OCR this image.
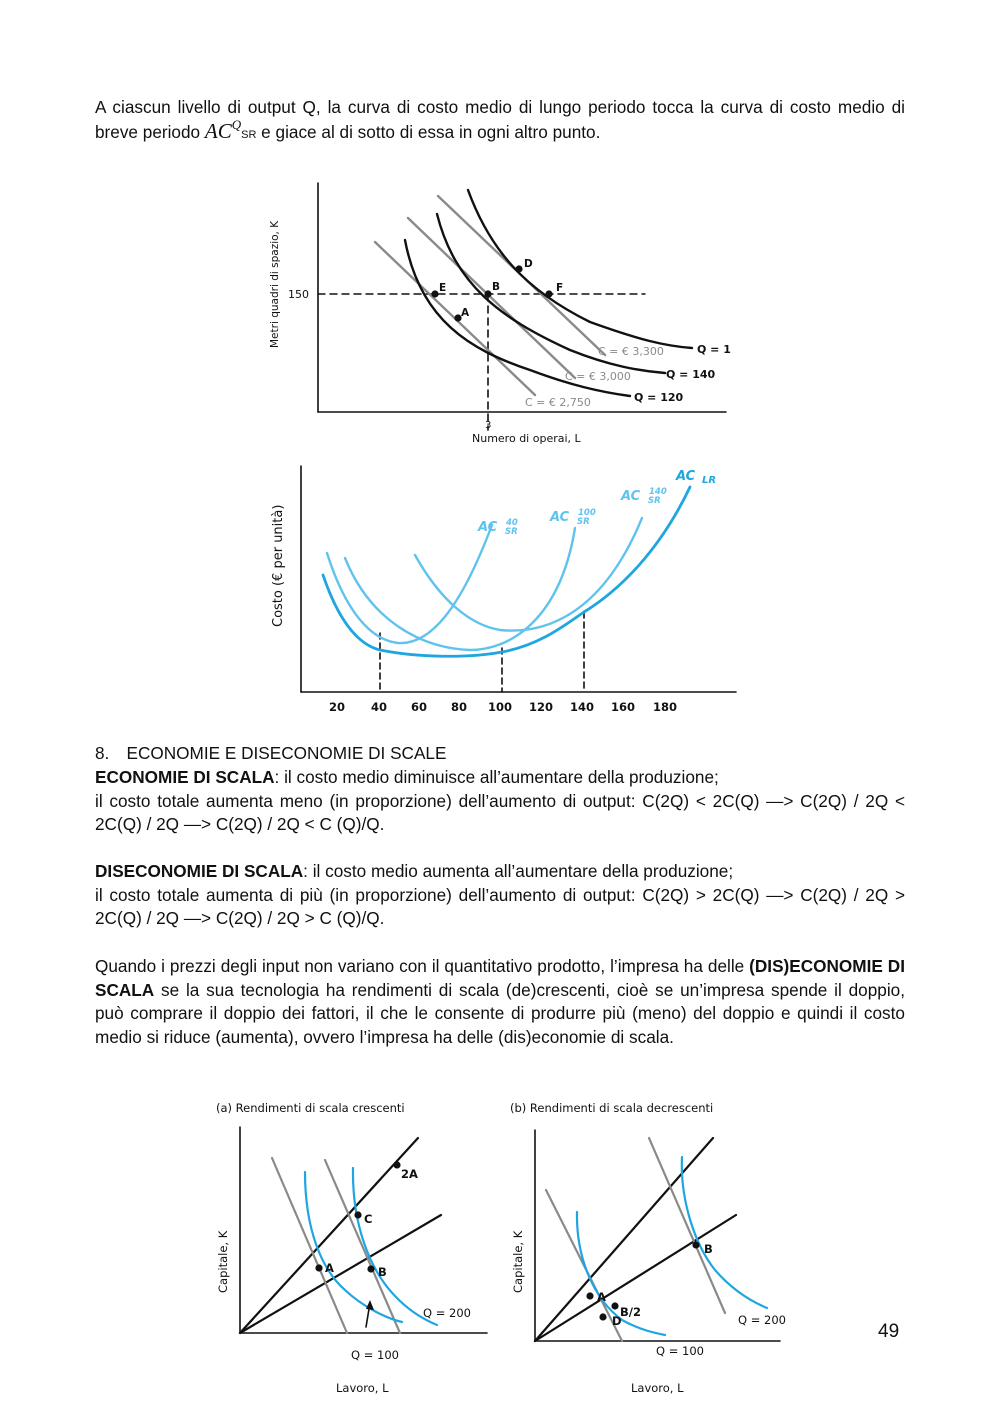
A ciascun livello di output Q, la curva di costo medio di lungo periodo tocca la curva di costo medio di breve periodo $AC^QSR$ e giace al di sotto di essa in ogni altro punto.
E	B	F
D
A
150
3
Numero di operai, L
Metri quadri di spazio, K
C = € 3,300
C = € 3,000
C = € 2,750
Q = 1
Q = 140
Q = 120
20 40 60 80 100 120 140 160 180
Costo (€ per unità)	AC 40
SR
AC 100
SR
AC 140
SR
AC LR
8. ECONOMIE E DISECONOMIE DI SCALE
ECONOMIE DI SCALA: il costo medio diminuisce all’aumentare della produzione;
il costo totale aumenta meno (in proporzione) dell’aumento di output: C(2Q) < 2C(Q) —> C(2Q) / 2Q < 2C(Q) / 2Q —> C(2Q) / 2Q < C (Q)/Q.
DISECONOMIE DI SCALA: il costo medio aumenta all’aumentare della produzione;
il costo totale aumenta di più (in proporzione) dell’aumento di output: C(2Q) > 2C(Q) —> C(2Q) / 2Q > 2C(Q) / 2Q —> C(2Q) / 2Q > C (Q)/Q.
Quando i prezzi degli input non variano con il quantitativo prodotto, l’impresa ha delle (DIS)ECONOMIE DI SCALA se la sua tecnologia ha rendimenti di scala (de)crescenti, cioè se un’impresa spende il doppio, può comprare il doppio dei fattori, il che le consente di produrre più (meno) del doppio e quindi il costo medio si riduce (aumenta), ovvero l’impresa ha delle (dis)economie di scala.
(a) Rendimenti di scala crescenti
2A
C
A	B
Q = 200
Q = 100
Lavoro, L
Capitale, K
(b) Rendimenti di scala decrescenti
B
A
B/2
D	Q = 200
Q = 100
Lavoro, L
Capitale, K
49
